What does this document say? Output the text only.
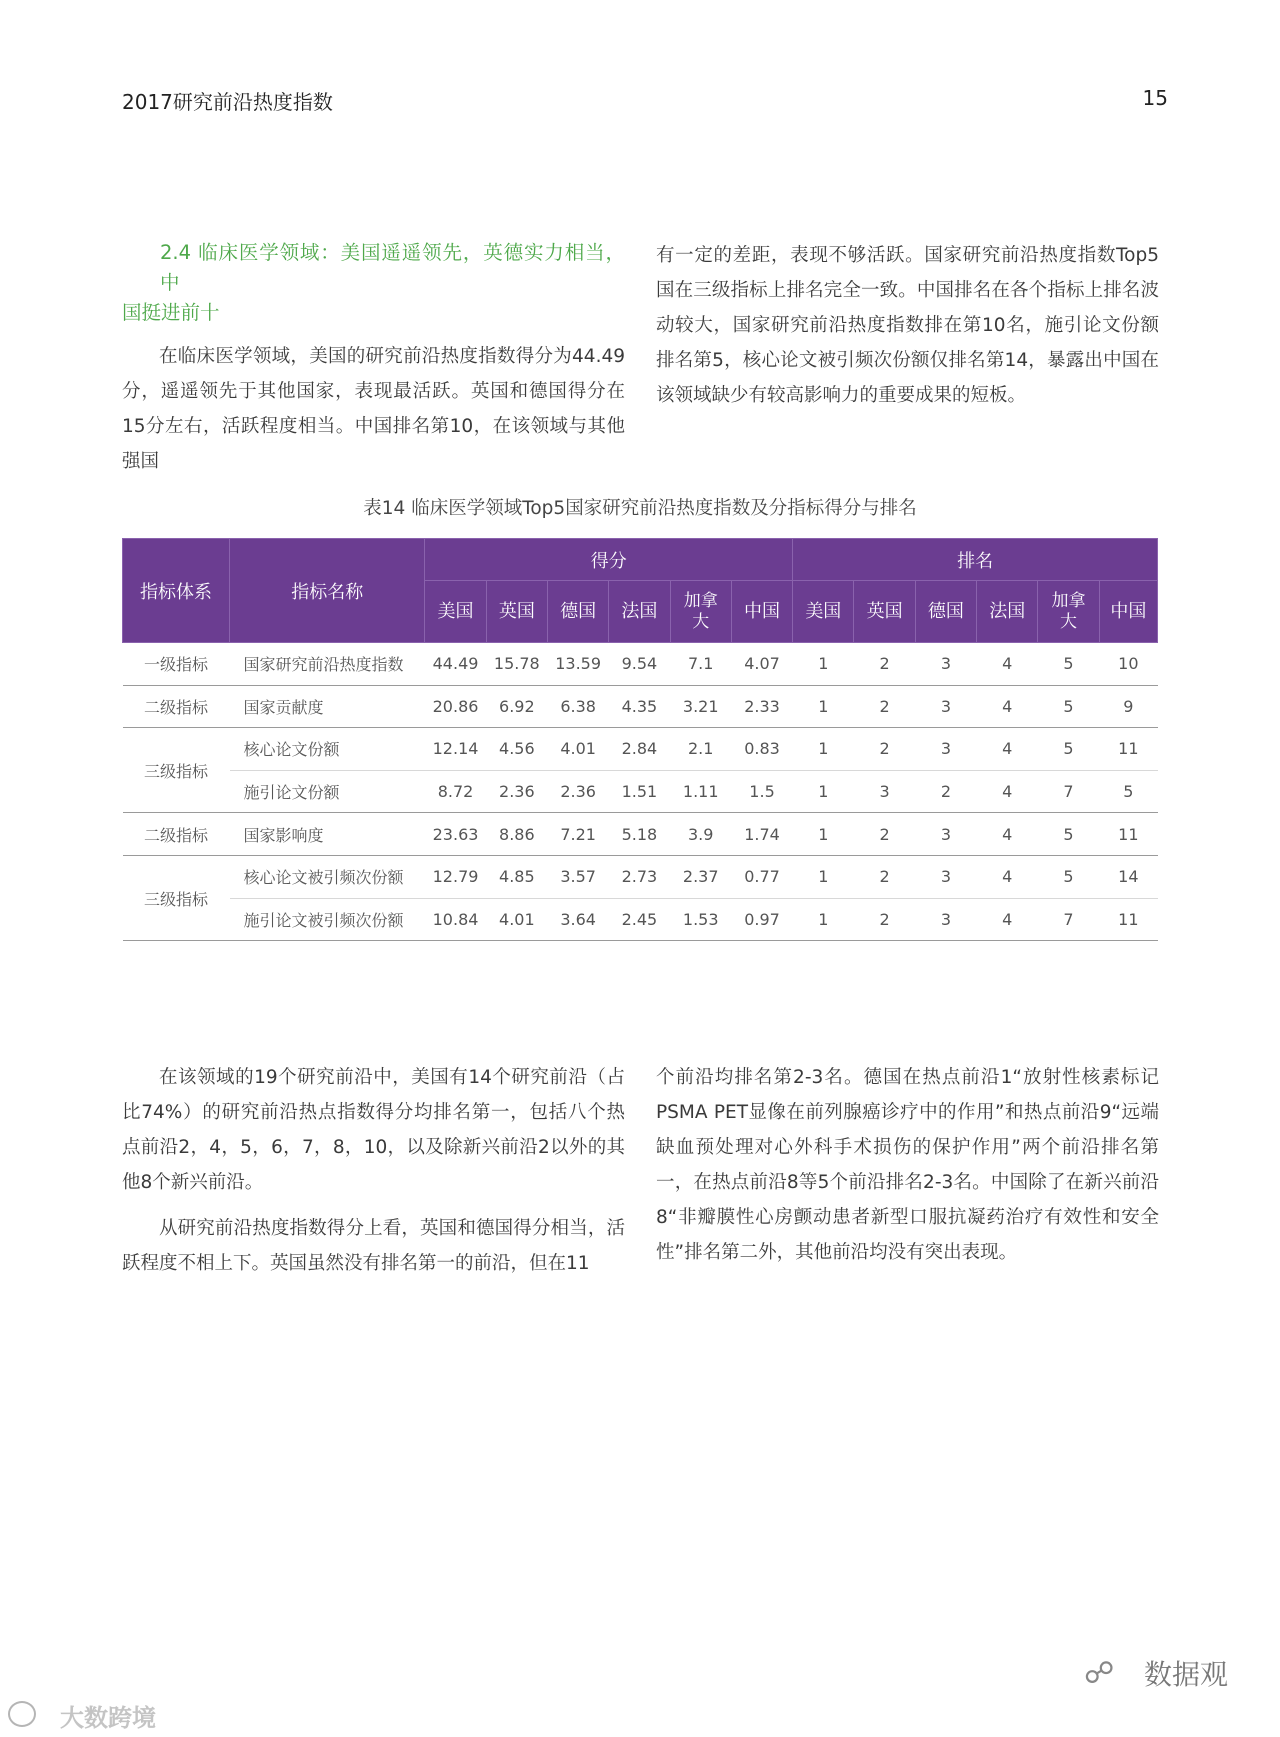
2017研究前沿热度指数	15

2.4 临床医学领域：美国遥遥领先，英德实力相当，中
国挺进前十

在临床医学领域，美国的研究前沿热度指数得分为44.49分，遥遥领先于其他国家，表现最活跃。英国和德国得分在15分左右，活跃程度相当。中国排名第10，在该领域与其他强国

有一定的差距，表现不够活跃。国家研究前沿热度指数Top5国在三级指标上排名完全一致。中国排名在各个指标上排名波动较大，国家研究前沿热度指数排在第10名，施引论文份额排名第5，核心论文被引频次份额仅排名第14，暴露出中国在该领域缺少有较高影响力的重要成果的短板。

表14 临床医学领域Top5国家研究前沿热度指数及分指标得分与排名
指标体系	指标名称	得分						排名					
		美国	英国	德国	法国	加拿大	中国	美国	英国	德国	法国	加拿大	中国
一级指标	国家研究前沿热度指数	44.49	15.78	13.59	9.54	7.1	4.07	1	2	3	4	5	10
二级指标	国家贡献度	20.86	6.92	6.38	4.35	3.21	2.33	1	2	3	4	5	9
三级指标	核心论文份额	12.14	4.56	4.01	2.84	2.1	0.83	1	2	3	4	5	11
	施引论文份额	8.72	2.36	2.36	1.51	1.11	1.5	1	3	2	4	7	5
二级指标	国家影响度	23.63	8.86	7.21	5.18	3.9	1.74	1	2	3	4	5	11
三级指标	核心论文被引频次份额	12.79	4.85	3.57	2.73	2.37	0.77	1	2	3	4	5	14
	施引论文被引频次份额	10.84	4.01	3.64	2.45	1.53	0.97	1	2	3	4	7	11

在该领域的19个研究前沿中，美国有14个研究前沿（占比74%）的研究前沿热点指数得分均排名第一，包括八个热点前沿2，4，5，6，7，8，10，以及除新兴前沿2以外的其他8个新兴前沿。

从研究前沿热度指数得分上看，英国和德国得分相当，活跃程度不相上下。英国虽然没有排名第一的前沿，但在11

个前沿均排名第2-3名。德国在热点前沿1“放射性核素标记PSMA PET显像在前列腺癌诊疗中的作用”和热点前沿9“远端缺血预处理对心外科手术损伤的保护作用”两个前沿排名第一，在热点前沿8等5个前沿排名2-3名。中国除了在新兴前沿8“非瓣膜性心房颤动患者新型口服抗凝药治疗有效性和安全性”排名第二外，其他前沿均没有突出表现。

大数跨境
☍ 数据观
